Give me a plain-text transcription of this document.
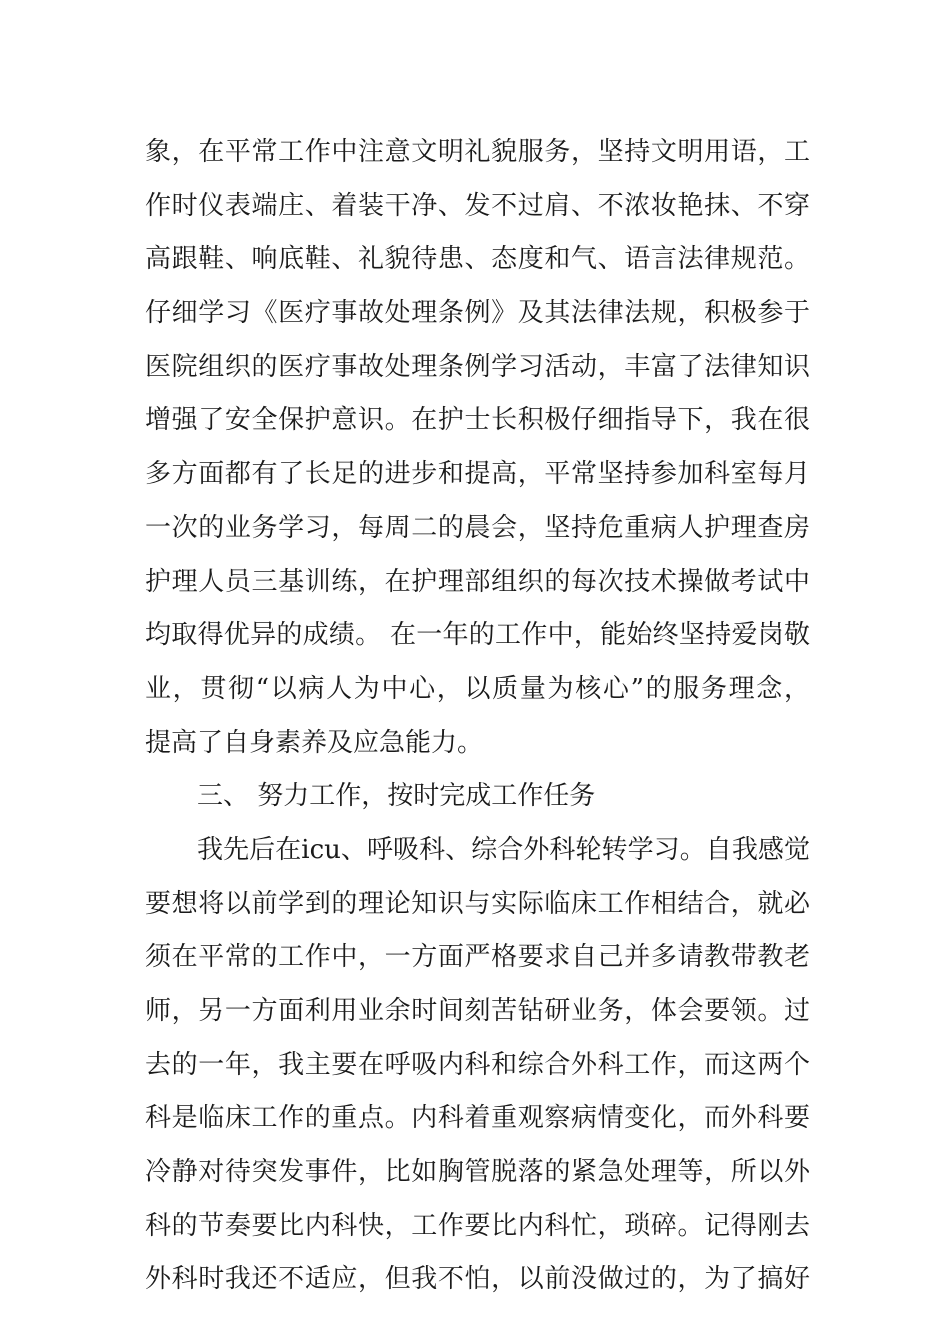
象，在平常工作中注意文明礼貌服务，坚持文明用语，工

作时仪表端庄、着装干净、发不过肩、不浓妆艳抹、不穿

高跟鞋、响底鞋、礼貌待患、态度和气、语言法律规范。

仔细学习《医疗事故处理条例》及其法律法规，积极参于

医院组织的医疗事故处理条例学习活动，丰富了法律知识

增强了安全保护意识。在护士长积极仔细指导下，我在很

多方面都有了长足的进步和提高，平常坚持参加科室每月

一次的业务学习，每周二的晨会，坚持危重病人护理查房

护理人员三基训练，在护理部组织的每次技术操做考试中

均取得优异的成绩。 在一年的工作中，能始终坚持爱岗敬

业，贯彻“以病人为中心，以质量为核心”的服务理念，

提高了自身素养及应急能力。

三、 努力工作，按时完成工作任务

我先后在icu、呼吸科、综合外科轮转学习。自我感觉

要想将以前学到的理论知识与实际临床工作相结合，就必

须在平常的工作中，一方面严格要求自己并多请教带教老

师，另一方面利用业余时间刻苦钻研业务，体会要领。过

去的一年，我主要在呼吸内科和综合外科工作，而这两个

科是临床工作的重点。内科着重观察病情变化，而外科要

冷静对待突发事件，比如胸管脱落的紧急处理等，所以外

科的节奏要比内科快，工作要比内科忙，琐碎。记得刚去

外科时我还不适应，但我不怕，以前没做过的，为了搞好
